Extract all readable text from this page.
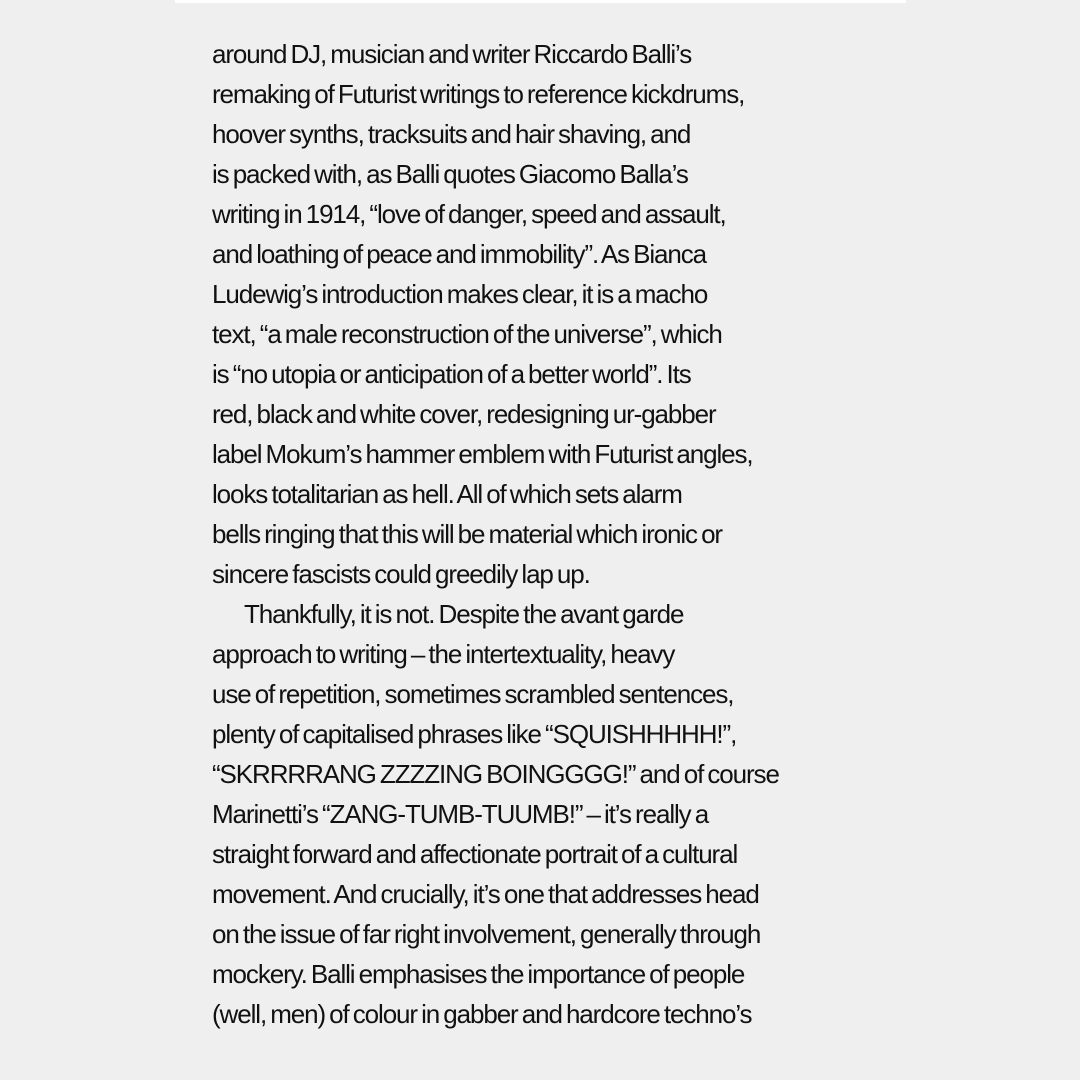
around DJ, musician and writer Riccardo Balli’s
remaking of Futurist writings to reference kickdrums,
hoover synths, tracksuits and hair shaving, and
is packed with, as Balli quotes Giacomo Balla’s
writing in 1914, “love of danger, speed and assault,
and loathing of peace and immobility”. As Bianca
Ludewig’s introduction makes clear, it is a macho
text, “a male reconstruction of the universe”, which
is “no utopia or anticipation of a better world”. Its
red, black and white cover, redesigning ur-gabber
label Mokum’s hammer emblem with Futurist angles,
looks totalitarian as hell. All of which sets alarm
bells ringing that this will be material which ironic or
sincere fascists could greedily lap up.
Thankfully, it is not. Despite the avant garde
approach to writing – the intertextuality, heavy
use of repetition, sometimes scrambled sentences,
plenty of capitalised phrases like “SQUISHHHHH!”,
“SKRRRRANG ZZZZING BOINGGGG!” and of course
Marinetti’s “ZANG-TUMB-TUUMB!” – it’s really a
straight forward and affectionate portrait of a cultural
movement. And crucially, it’s one that addresses head
on the issue of far right involvement, generally through
mockery. Balli emphasises the importance of people
(well, men) of colour in gabber and hardcore techno’s
